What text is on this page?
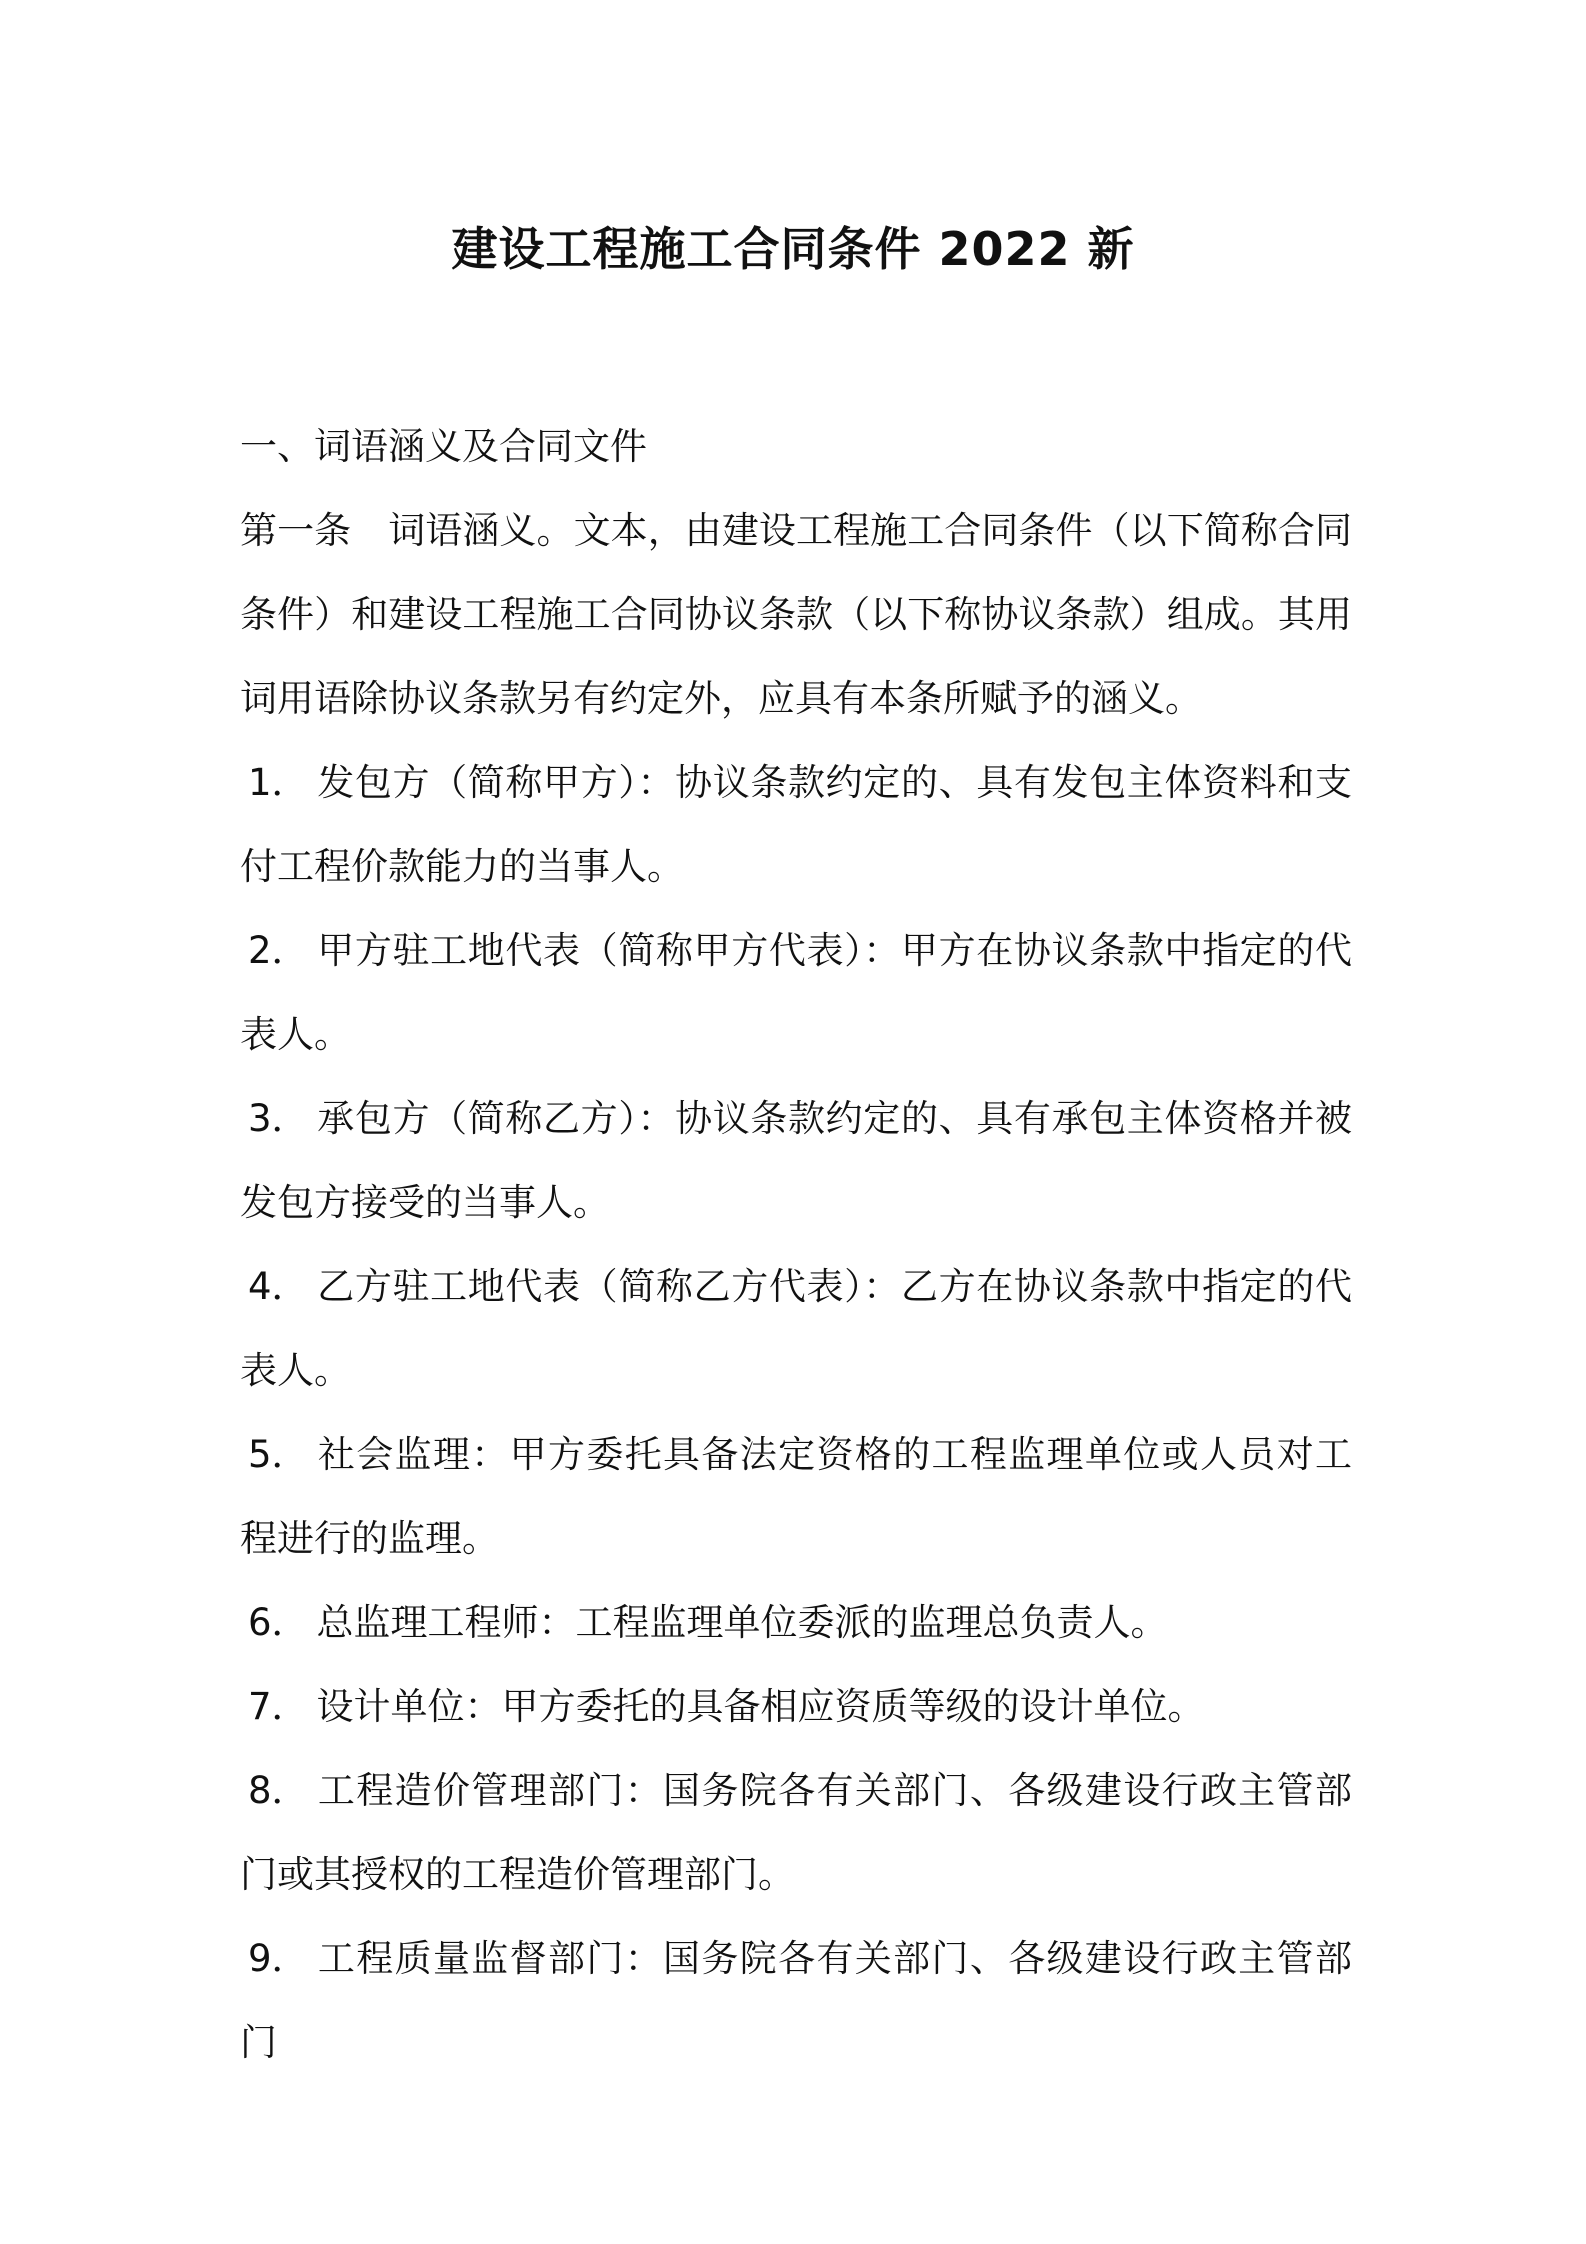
建设工程施工合同条件 2022 新

一、词语涵义及合同文件

第一条 词语涵义。文本，由建设工程施工合同条件（以下简称合同条件）和建设工程施工合同协议条款（以下称协议条款）组成。其用词用语除协议条款另有约定外，应具有本条所赋予的涵义。

1． 发包方（简称甲方）：协议条款约定的、具有发包主体资料和支付工程价款能力的当事人。

2． 甲方驻工地代表（简称甲方代表）：甲方在协议条款中指定的代表人。

3． 承包方（简称乙方）：协议条款约定的、具有承包主体资格并被发包方接受的当事人。

4． 乙方驻工地代表（简称乙方代表）：乙方在协议条款中指定的代表人。

5． 社会监理：甲方委托具备法定资格的工程监理单位或人员对工程进行的监理。

6． 总监理工程师：工程监理单位委派的监理总负责人。

7． 设计单位：甲方委托的具备相应资质等级的设计单位。

8． 工程造价管理部门：国务院各有关部门、各级建设行政主管部门或其授权的工程造价管理部门。

9． 工程质量监督部门：国务院各有关部门、各级建设行政主管部门
